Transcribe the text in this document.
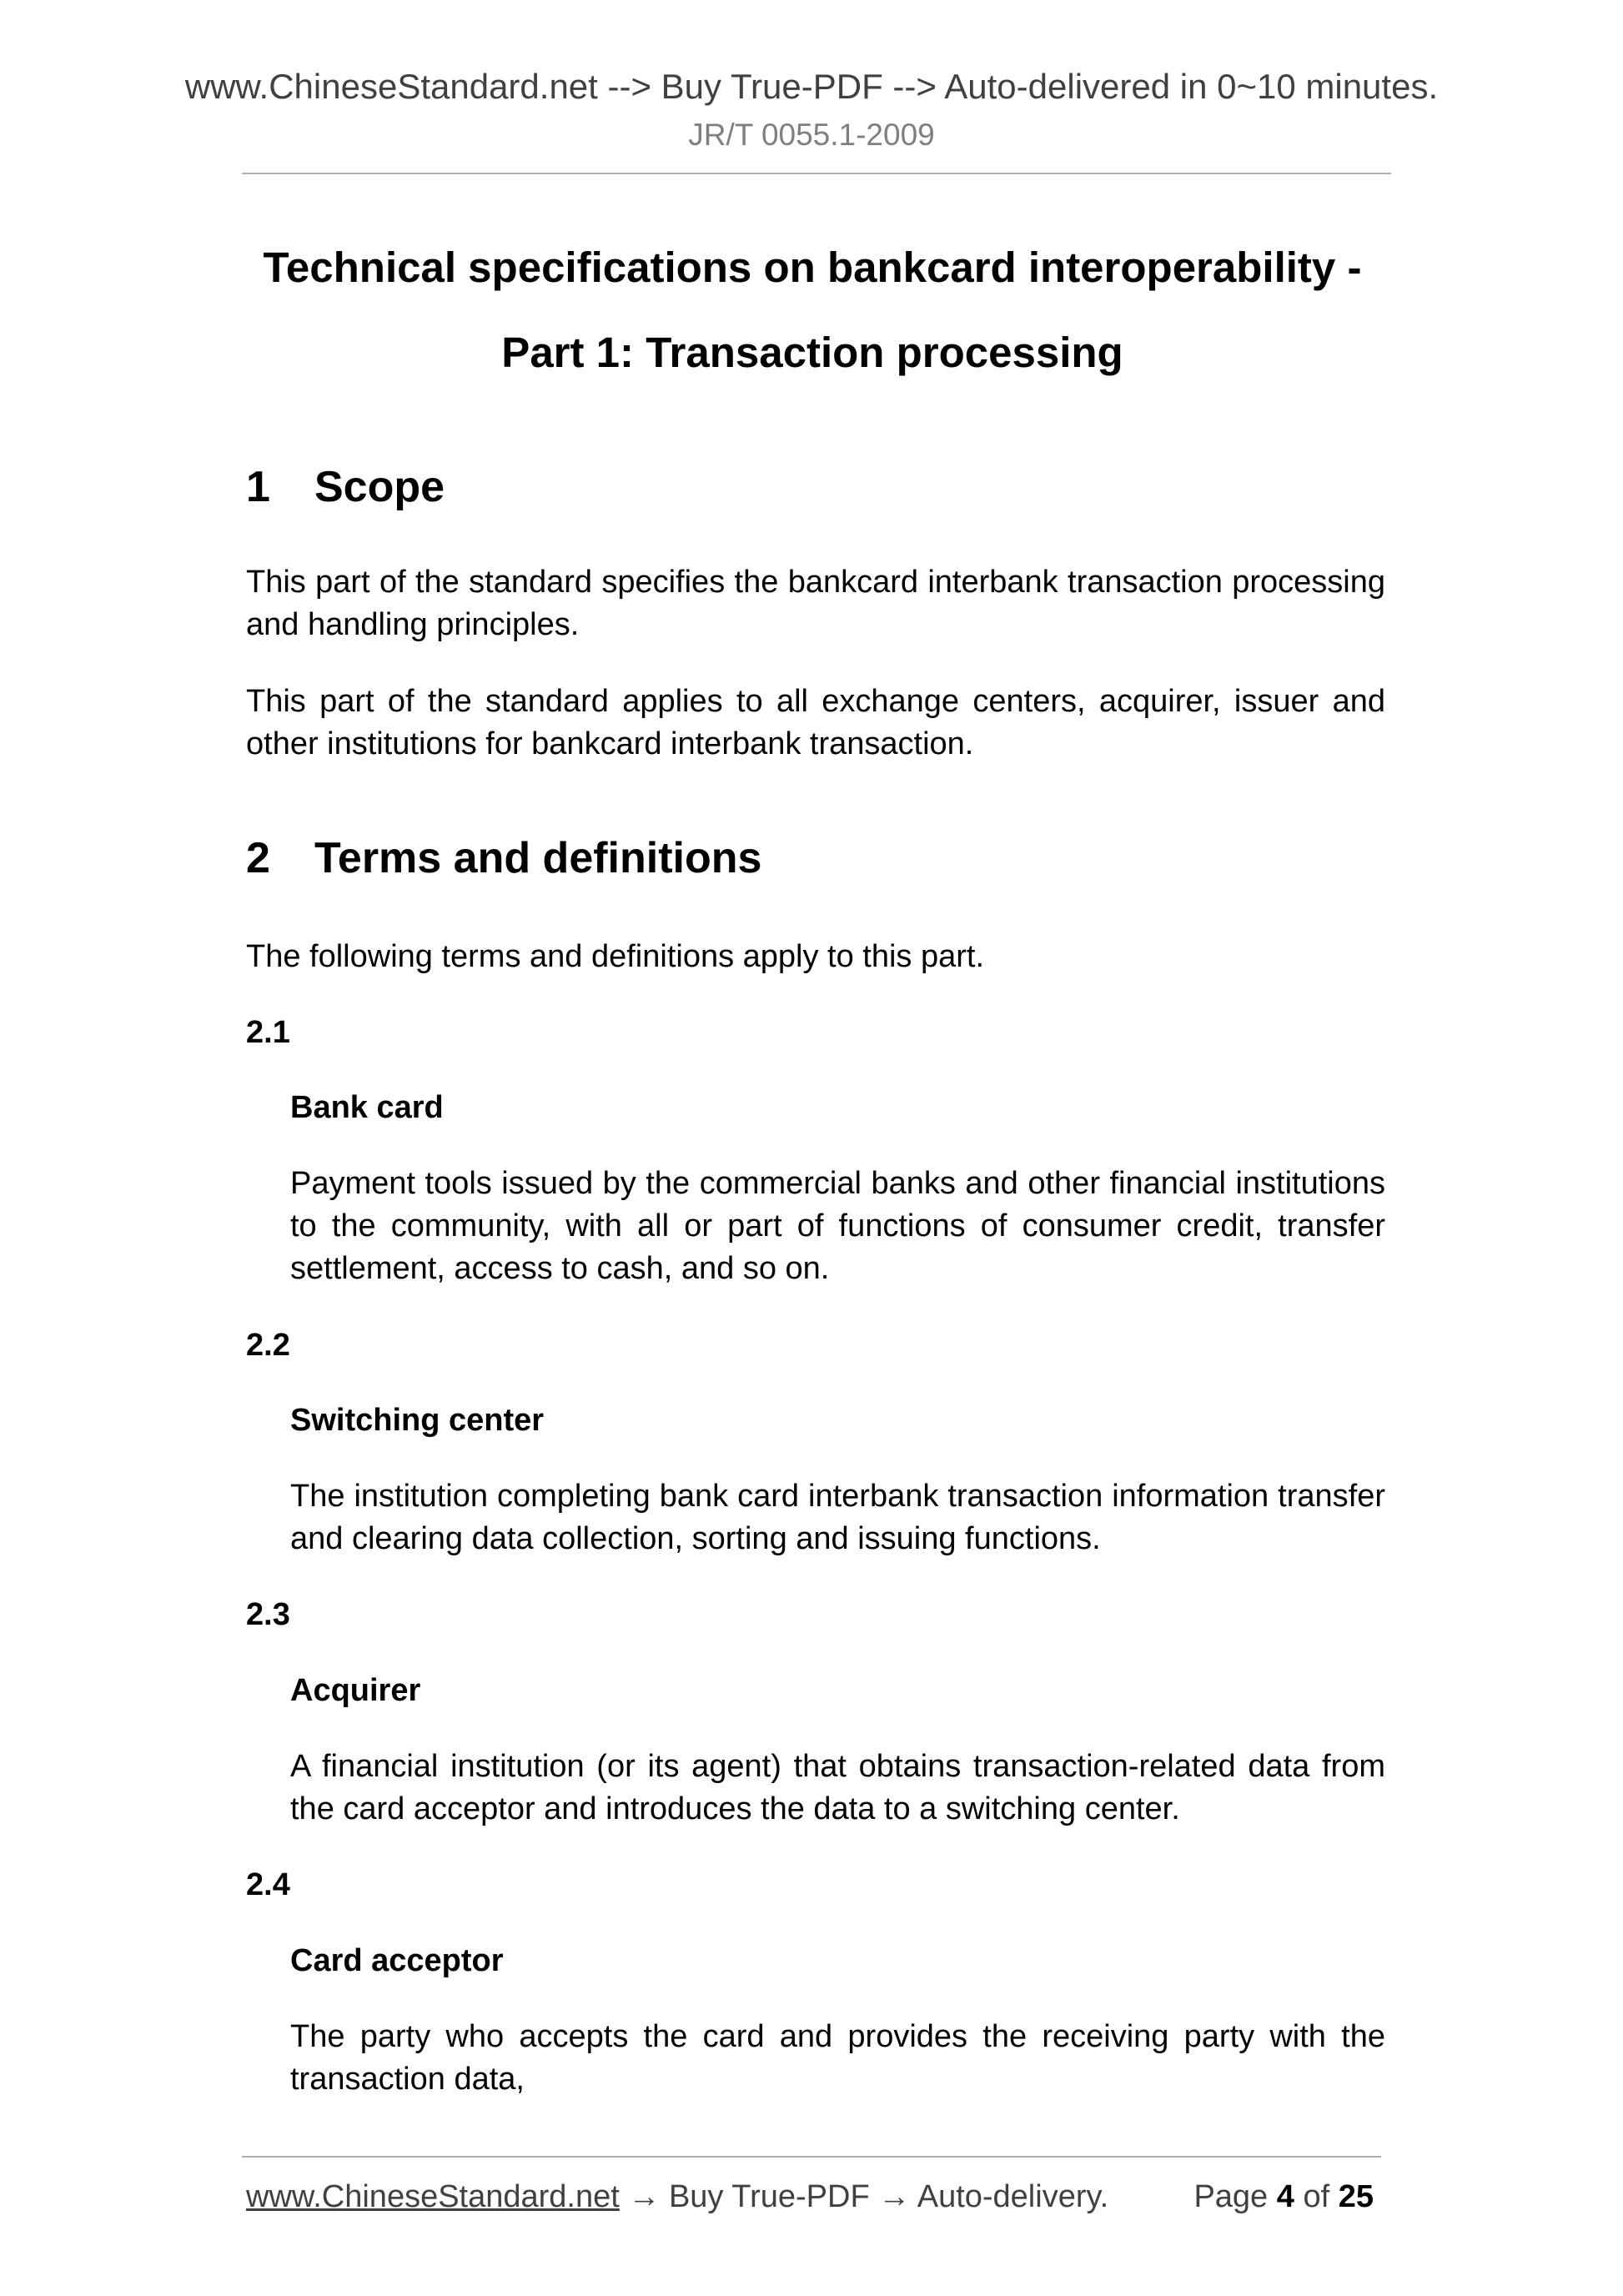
www.ChineseStandard.net --> Buy True-PDF --> Auto-delivered in 0~10 minutes.
JR/T 0055.1-2009
Technical specifications on bankcard interoperability -
Part 1: Transaction processing
1 Scope
This part of the standard specifies the bankcard interbank transaction processing and handling principles.
This part of the standard applies to all exchange centers, acquirer, issuer and other institutions for bankcard interbank transaction.
2 Terms and definitions
The following terms and definitions apply to this part.
2.1
Bank card
Payment tools issued by the commercial banks and other financial institutions to the community, with all or part of functions of consumer credit, transfer settlement, access to cash, and so on.
2.2
Switching center
The institution completing bank card interbank transaction information transfer and clearing data collection, sorting and issuing functions.
2.3
Acquirer
A financial institution (or its agent) that obtains transaction-related data from the card acceptor and introduces the data to a switching center.
2.4
Card acceptor
The party who accepts the card and provides the receiving party with the transaction data,
www.ChineseStandard.net → Buy True-PDF → Auto-delivery.	Page 4 of 25
